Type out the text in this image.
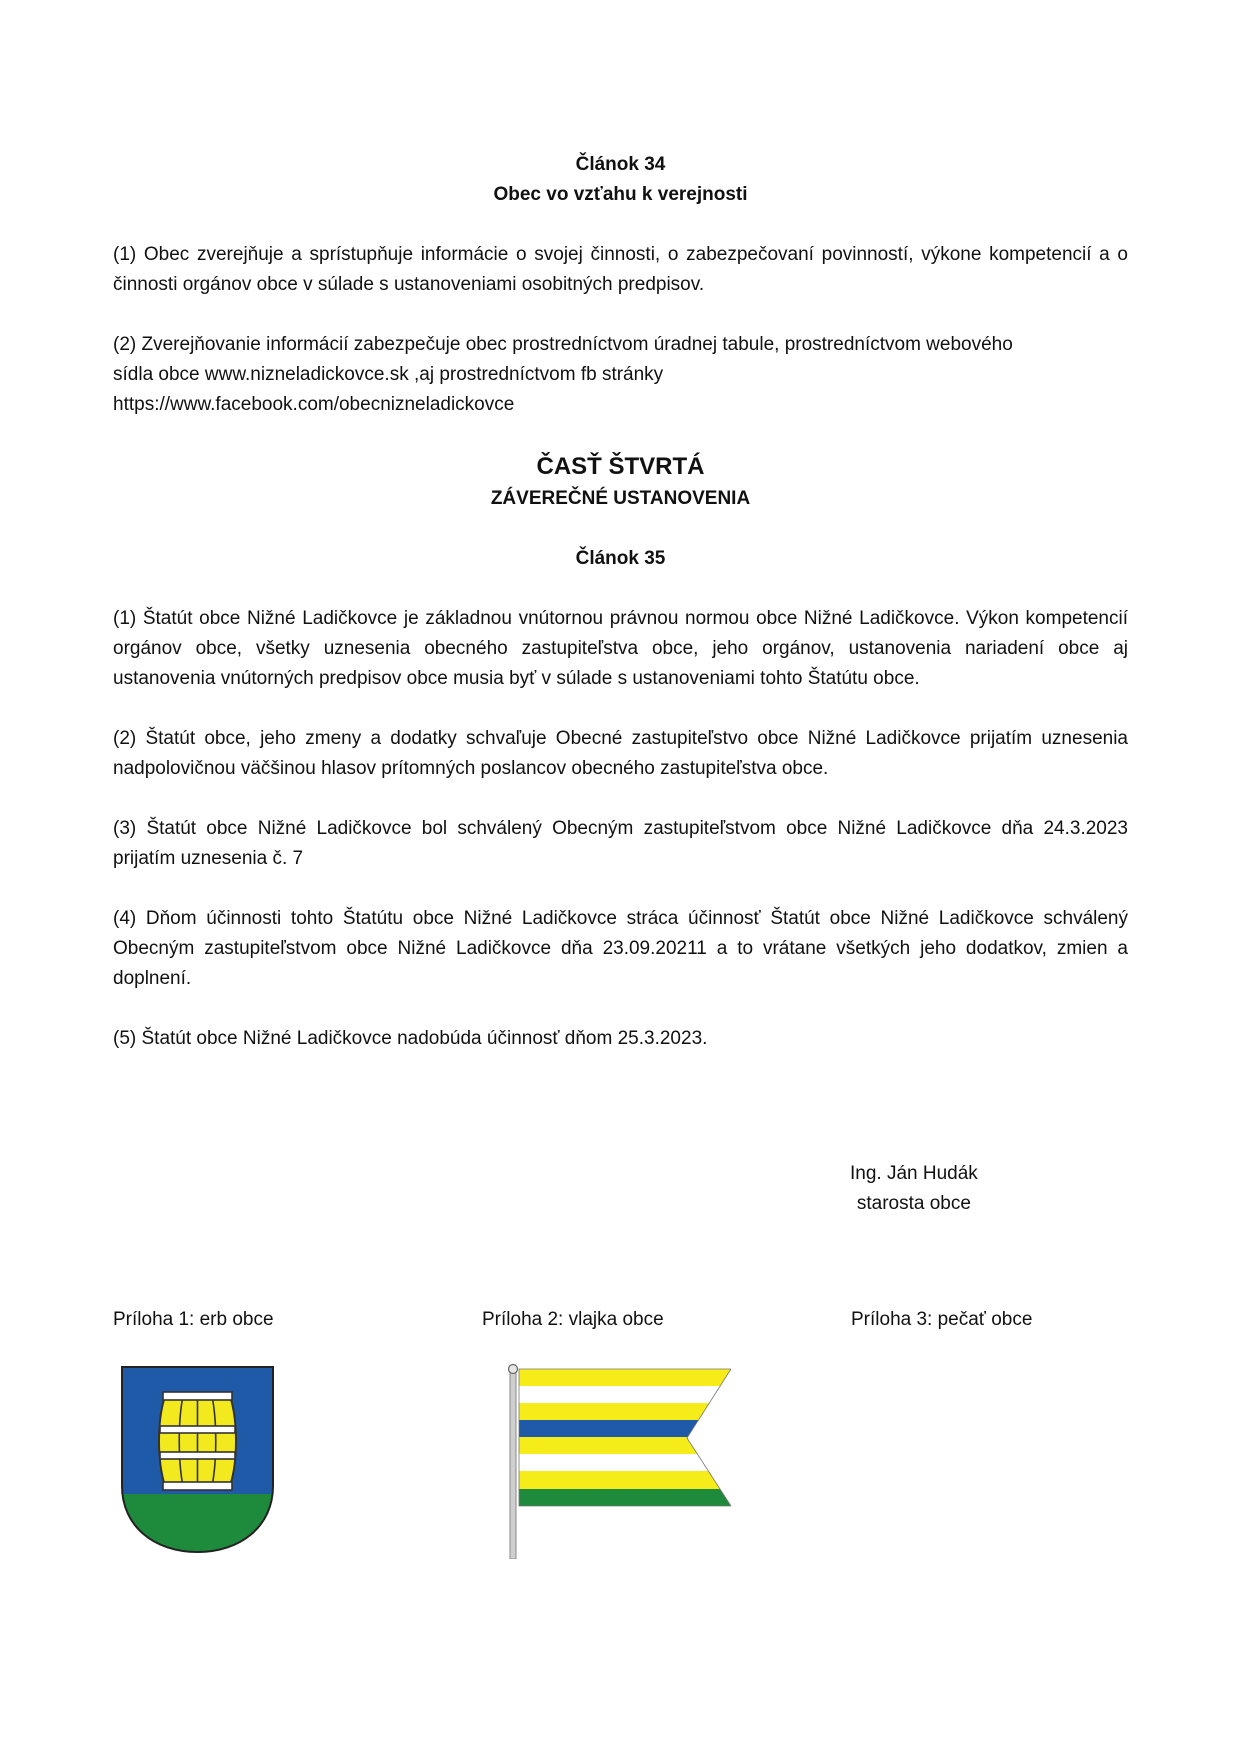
Článok 34
Obec vo vzťahu k verejnosti

(1) Obec zverejňuje a sprístupňuje informácie o svojej činnosti, o zabezpečovaní povinností, výkone kompetencií a o činnosti orgánov obce v súlade s ustanoveniami osobitných predpisov.

(2) Zverejňovanie informácií zabezpečuje obec prostredníctvom úradnej tabule, prostredníctvom webového
sídla obce www.nizneladickovce.sk ,aj prostredníctvom fb stránky
https://www.facebook.com/obecnizneladickovce
ČASŤ ŠTVRTÁ
ZÁVEREČNÉ USTANOVENIA
Článok 35

(1) Štatút obce Nižné Ladičkovce je základnou vnútornou právnou normou obce Nižné Ladičkovce. Výkon kompetencií orgánov obce, všetky uznesenia obecného zastupiteľstva obce, jeho orgánov, ustanovenia nariadení obce aj ustanovenia vnútorných predpisov obce musia byť v súlade s ustanoveniami tohto Štatútu obce.

(2) Štatút obce, jeho zmeny a dodatky schvaľuje Obecné zastupiteľstvo obce Nižné Ladičkovce prijatím uznesenia nadpolovičnou väčšinou hlasov prítomných poslancov obecného zastupiteľstva obce.

(3) Štatút obce Nižné Ladičkovce bol schválený Obecným zastupiteľstvom obce Nižné Ladičkovce dňa 24.3.2023 prijatím uznesenia č. 7

(4) Dňom účinnosti tohto Štatútu obce Nižné Ladičkovce stráca účinnosť Štatút obce Nižné Ladičkovce schválený Obecným zastupiteľstvom obce Nižné Ladičkovce dňa 23.09.20211 a to vrátane všetkých jeho dodatkov, zmien a doplnení.

(5) Štatút obce Nižné Ladičkovce nadobúda účinnosť dňom 25.3.2023.

Ing. Ján Hudák
starosta obce
Príloha 1: erb obce	Príloha 2: vlajka obce	Príloha 3: pečať obce
